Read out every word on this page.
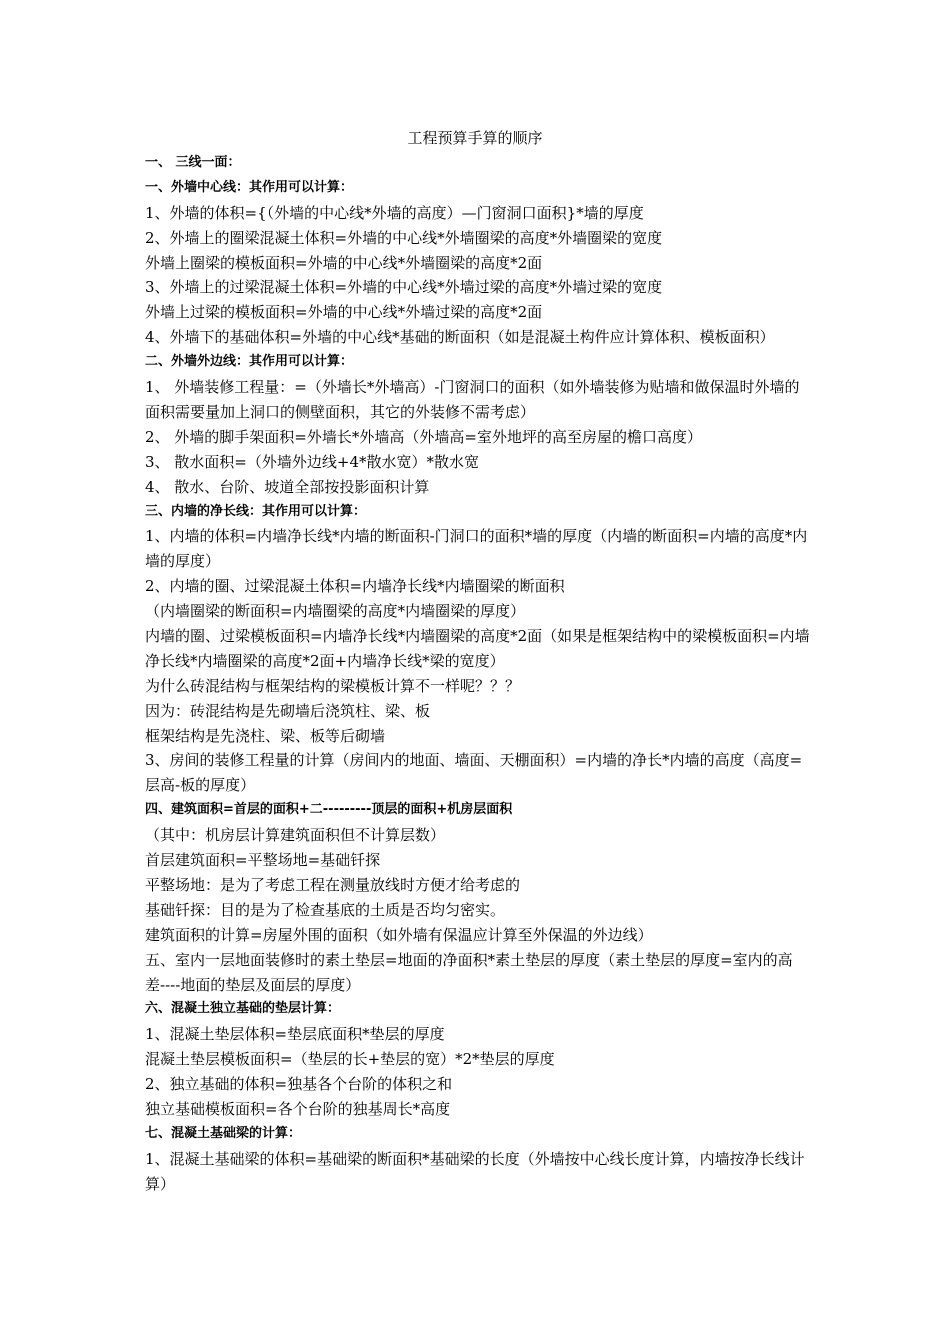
工程预算手算的顺序
一、 三线一面：
一、外墙中心线：其作用可以计算：
1、外墙的体积={（外墙的中心线*外墙的高度）—门窗洞口面积}*墙的厚度
2、外墙上的圈梁混凝土体积=外墙的中心线*外墙圈梁的高度*外墙圈梁的宽度
外墙上圈梁的模板面积=外墙的中心线*外墙圈梁的高度*2面
3、外墙上的过梁混凝土体积=外墙的中心线*外墙过梁的高度*外墙过梁的宽度
外墙上过梁的模板面积=外墙的中心线*外墙过梁的高度*2面
4、外墙下的基础体积=外墙的中心线*基础的断面积（如是混凝土构件应计算体积、模板面积）
二、外墙外边线：其作用可以计算：
1、 外墙装修工程量：=（外墙长*外墙高）-门窗洞口的面积（如外墙装修为贴墙和做保温时外墙的面积需要量加上洞口的侧壁面积，其它的外装修不需考虑）
2、 外墙的脚手架面积=外墙长*外墙高（外墙高=室外地坪的高至房屋的檐口高度）
3、 散水面积=（外墙外边线+4*散水宽）*散水宽
4、 散水、台阶、坡道全部按投影面积计算
三、内墙的净长线：其作用可以计算：
1、内墙的体积=内墙净长线*内墙的断面积-门洞口的面积*墙的厚度（内墙的断面积=内墙的高度*内墙的厚度）
2、内墙的圈、过梁混凝土体积=内墙净长线*内墙圈梁的断面积
（内墙圈梁的断面积=内墙圈梁的高度*内墙圈梁的厚度）
内墙的圈、过梁模板面积=内墙净长线*内墙圈梁的高度*2面（如果是框架结构中的梁模板面积=内墙净长线*内墙圈梁的高度*2面+内墙净长线*梁的宽度）
为什么砖混结构与框架结构的梁模板计算不一样呢？？？
因为：砖混结构是先砌墙后浇筑柱、梁、板
框架结构是先浇柱、梁、板等后砌墙
3、房间的装修工程量的计算（房间内的地面、墙面、天棚面积）=内墙的净长*内墙的高度（高度=层高-板的厚度）
四、建筑面积=首层的面积+二---------顶层的面积+机房层面积
（其中：机房层计算建筑面积但不计算层数）
首层建筑面积=平整场地=基础钎探
平整场地：是为了考虑工程在测量放线时方便才给考虑的
基础钎探：目的是为了检查基底的土质是否均匀密实。
建筑面积的计算=房屋外围的面积（如外墙有保温应计算至外保温的外边线）
五、室内一层地面装修时的素土垫层=地面的净面积*素土垫层的厚度（素土垫层的厚度=室内的高差----地面的垫层及面层的厚度）
六、混凝土独立基础的垫层计算：
1、混凝土垫层体积=垫层底面积*垫层的厚度
混凝土垫层模板面积=（垫层的长+垫层的宽）*2*垫层的厚度
2、独立基础的体积=独基各个台阶的体积之和
独立基础模板面积=各个台阶的独基周长*高度
七、混凝土基础梁的计算：
1、混凝土基础梁的体积=基础梁的断面积*基础梁的长度（外墙按中心线长度计算，内墙按净长线计算）
